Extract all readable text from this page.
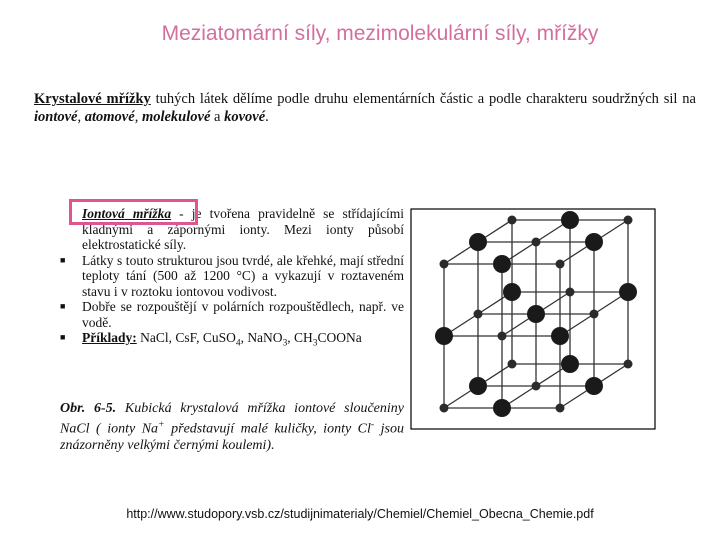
Meziatomární síly, mezimolekulární síly, mřížky
Krystalové mřížky tuhých látek dělíme podle druhu elementárních částic a podle charakteru soudržných sil na iontové, atomové, molekulové a kovové.

Iontová mřížka - je tvořena pravidelně se střídajícími kladnými a zápornými ionty. Mezi ionty působí elektrostatické síly.

■ Látky s touto strukturou jsou tvrdé, ale křehké, mají střední teploty tání (500 až 1200 °C) a vykazují v roztaveném stavu i v roztoku iontovou vodivost.

■ Dobře se rozpouštějí v polárních rozpouštědlech, např. ve vodě.

■ Příklady: NaCl, CsF, CuSO$_4$, NaNO$_3$, $CH_3COONa$

Obr. 6-5. Kubická krystalová mřížka iontové sloučeniny NaCl ( ionty Na+ představují malé kuličky, ionty Cl- jsou znázorněny velkými černými koulemi).
http://www.studopory.vsb.cz/studijnimaterialy/Chemiel/Chemiel_Obecna_Chemie.pdf
